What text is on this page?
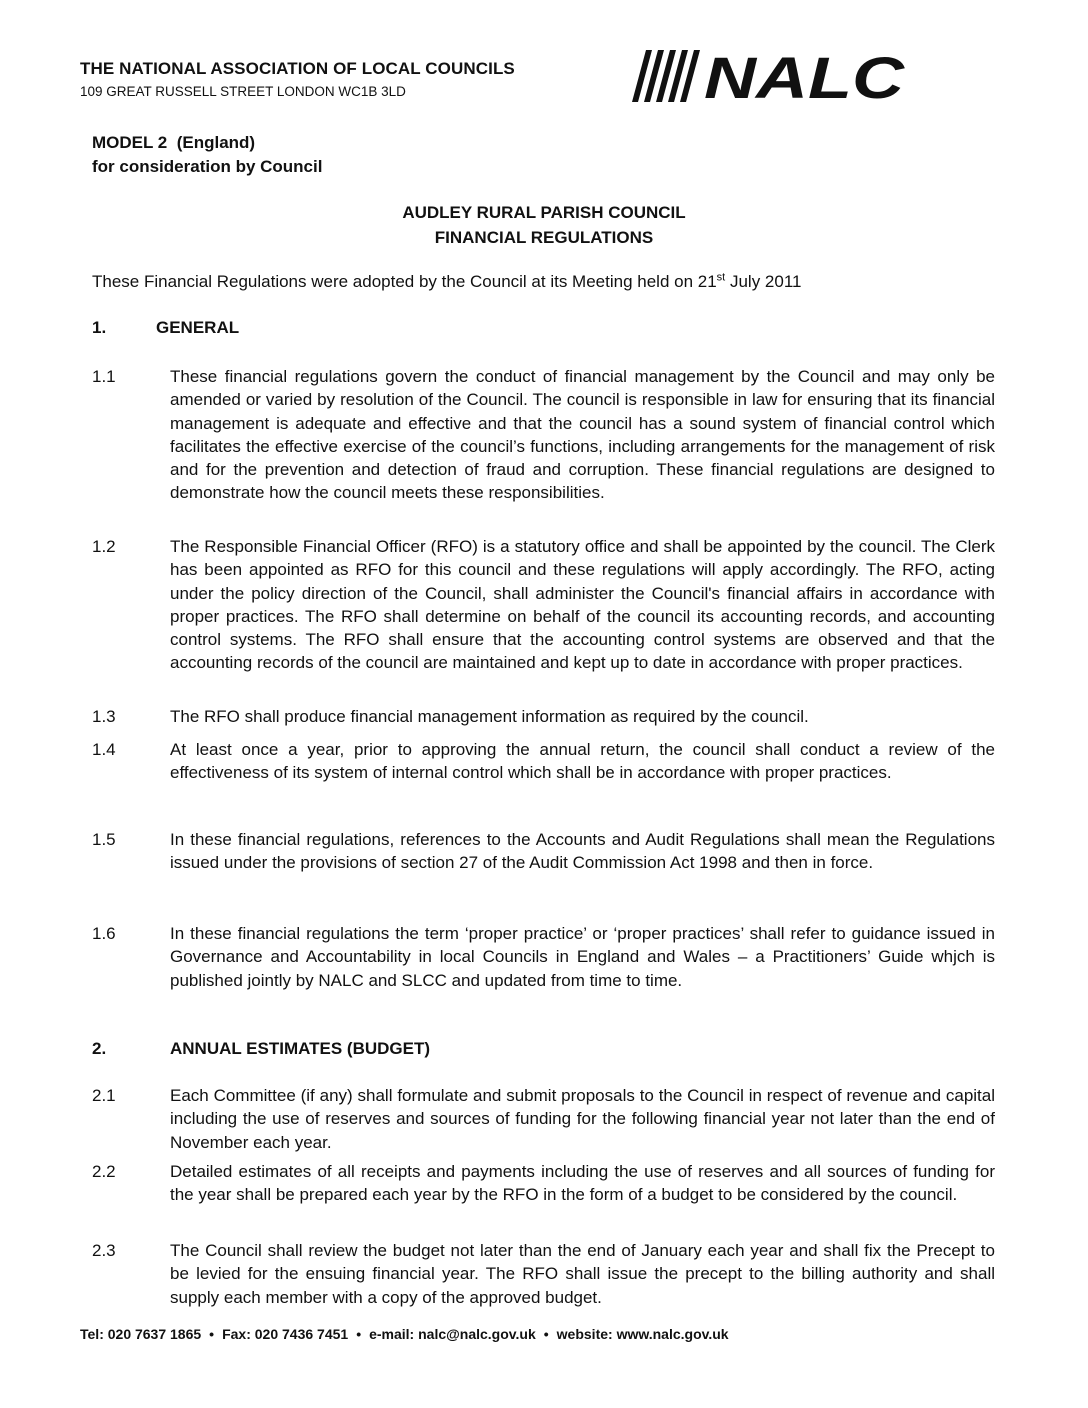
THE NATIONAL ASSOCIATION OF LOCAL COUNCILS
109 GREAT RUSSELL STREET LONDON WC1B 3LD	NALC
MODEL 2  (England)
for consideration by Council
AUDLEY RURAL PARISH COUNCIL
FINANCIAL REGULATIONS
These Financial Regulations were adopted by the Council at its Meeting held on 21st July 2011
1.	GENERAL
1.1	These financial regulations govern the conduct of financial management by the Council and may only be amended or varied by resolution of the Council. The council is responsible in law for ensuring that its financial management is adequate and effective and that the council has a sound system of financial control which facilitates the effective exercise of the council’s functions, including arrangements for the management of risk and for the prevention and detection of fraud and corruption. These financial regulations are designed to demonstrate how the council meets these responsibilities.
1.2	The Responsible Financial Officer (RFO) is a statutory office and shall be appointed by the council. The Clerk has been appointed as RFO for this council and these regulations will apply accordingly. The RFO, acting under the policy direction of the Council, shall administer the Council's financial affairs in accordance with proper practices. The RFO shall determine on behalf of the council its accounting records, and accounting control systems. The RFO shall ensure that the accounting control systems are observed and that the accounting records of the council are maintained and kept up to date in accordance with proper practices.
1.3	The RFO shall produce financial management information as required by the council.
1.4	At least once a year, prior to approving the annual return, the council shall conduct a review of the effectiveness of its system of internal control which shall be in accordance with proper practices.
1.5	In these financial regulations, references to the Accounts and Audit Regulations shall mean the Regulations issued under the provisions of section 27 of the Audit Commission Act 1998 and then in force.
1.6	In these financial regulations the term ‘proper practice’ or ‘proper practices’ shall refer to guidance issued in Governance and Accountability in local Councils in England and Wales – a Practitioners’ Guide whjch is published jointly by NALC and SLCC and updated from time to time.
2.	ANNUAL ESTIMATES (BUDGET)
2.1	Each Committee (if any) shall formulate and submit proposals to the Council in respect of revenue and capital including the use of reserves and sources of funding for the following financial year not later than the end of November each year.
2.2	Detailed estimates of all receipts and payments including the use of reserves and all sources of funding for the year shall be prepared each year by the RFO in the form of a budget to be considered by the council.
2.3	The Council shall review the budget not later than the end of January each year and shall fix the Precept to be levied for the ensuing financial year. The RFO shall issue the precept to the billing authority and shall supply each member with a copy of the approved budget.
Tel: 020 7637 1865 • Fax: 020 7436 7451 • e-mail: nalc@nalc.gov.uk • website: www.nalc.gov.uk
